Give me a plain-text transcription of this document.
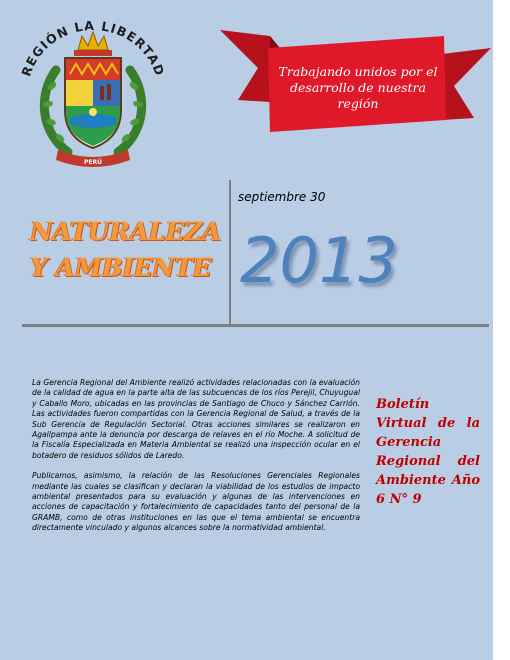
REGIÓN LA LIBERTAD
PERÚ
Trabajando unidos por el desarrollo de nuestra región
septiembre 30
NATURALEZA
Y AMBIENTE 2013

La Gerencia Regional del Ambiente realizó actividades relacionadas con la evaluación de la calidad de agua en la parte alta de las subcuencas de los ríos Perejil, Chuyugual y Caballo Moro, ubicadas en las provincias de Santiago de Chuco y Sánchez Carrión. Las actividades fueron compartidas con la Gerencia Regional de Salud, a través de la Sub Gerencia de Regulación Sectorial. Otras acciones similares se realizaron en Agallpampa ante la denuncia por descarga de relaves en el río Moche. A solicitud de la Fiscalía Especializada en Materia Ambiental se realizó una inspección ocular en el botadero de residuos sólidos de Laredo.

Publicamos, asimismo, la relación de las Resoluciones Gerenciales Regionales mediante las cuales se clasifican y declaran la viabilidad de los estudios de impacto ambiental presentados para su evaluación y algunas de las intervenciones en acciones de capacitación y fortalecimiento de capacidades tanto del personal de la GRAMB, como de otras instituciones en las que el tema ambiental se encuentra directamente vinculado y algunos alcances sobre la normatividad ambiental.

Boletín Virtual de la Gerencia Regional del Ambiente Año 6 N° 9
